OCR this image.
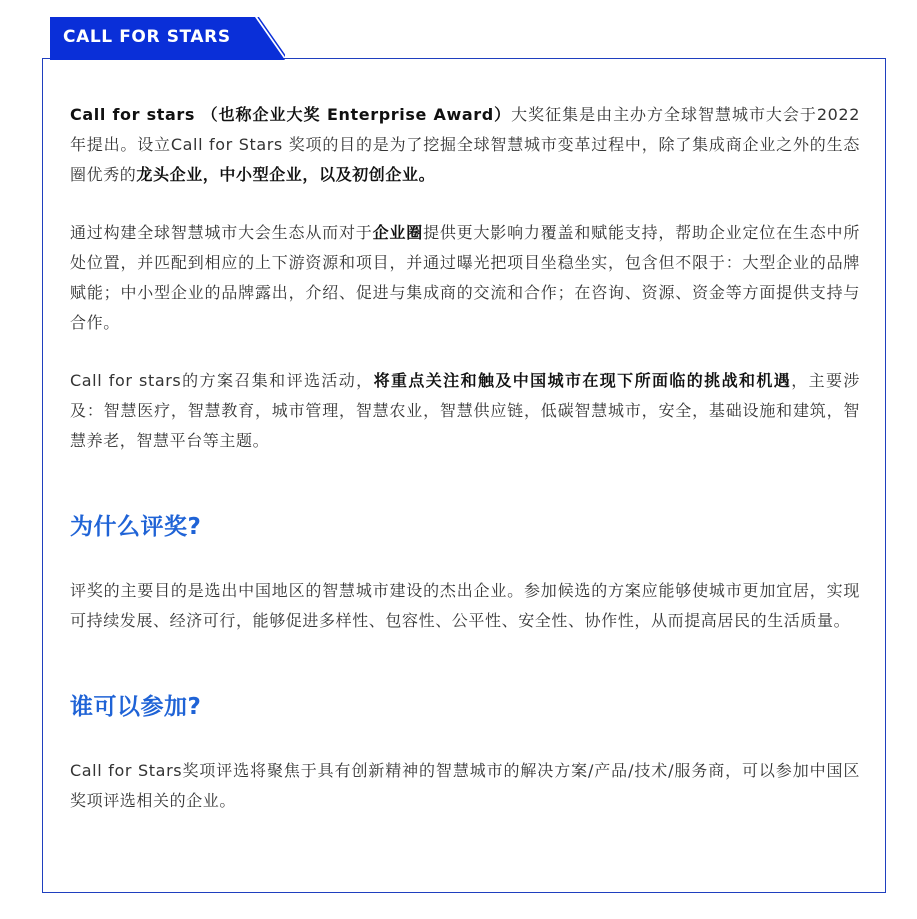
CALL FOR STARS

Call for stars （也称企业大奖 Enterprise Award）大奖征集是由主办方全球智慧城市大会于2022年提出。设立Call for Stars 奖项的目的是为了挖掘全球智慧城市变革过程中，除了集成商企业之外的生态圈优秀的龙头企业，中小型企业，以及初创企业。

通过构建全球智慧城市大会生态从而对于企业圈提供更大影响力覆盖和赋能支持，帮助企业定位在生态中所处位置，并匹配到相应的上下游资源和项目，并通过曝光把项目坐稳坐实，包含但不限于：大型企业的品牌赋能；中小型企业的品牌露出，介绍、促进与集成商的交流和合作；在咨询、资源、资金等方面提供支持与合作。

Call for stars的方案召集和评选活动，将重点关注和触及中国城市在现下所面临的挑战和机遇，主要涉及：智慧医疗，智慧教育，城市管理，智慧农业，智慧供应链，低碳智慧城市，安全，基础设施和建筑，智慧养老，智慧平台等主题。

为什么评奖?

评奖的主要目的是选出中国地区的智慧城市建设的杰出企业。参加候选的方案应能够使城市更加宜居，实现可持续发展、经济可行，能够促进多样性、包容性、公平性、安全性、协作性，从而提高居民的生活质量。

谁可以参加?

Call for Stars奖项评选将聚焦于具有创新精神的智慧城市的解决方案/产品/技术/服务商，可以参加中国区奖项评选相关的企业。
